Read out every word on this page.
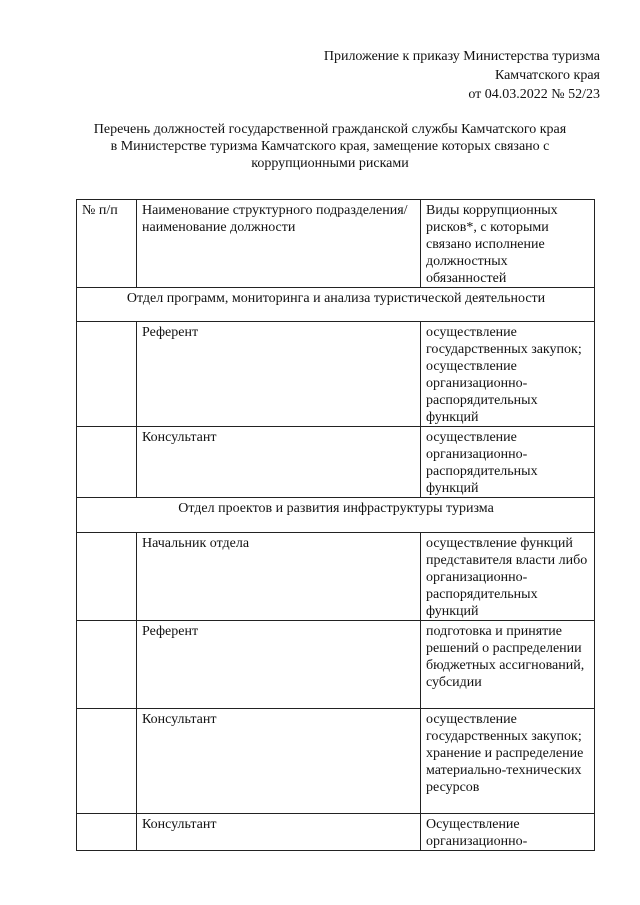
Приложение к приказу Министерства туризма
Камчатского края
от 04.03.2022 № 52/23
Перечень должностей государственной гражданской службы Камчатского края
в Министерстве туризма Камчатского края, замещение которых связано с
коррупционными рисками
№ п/п	Наименование структурного подразделения/ наименование должности	Виды коррупционных рисков*, с которыми связано исполнение должностных обязанностей
Отдел программ, мониторинга и анализа туристической деятельности		
	Референт	осуществление государственных закупок; осуществление организационно-распорядительных функций
	Консультант	осуществление организационно-распорядительных функций
Отдел проектов и развития инфраструктуры туризма		
	Начальник отдела	осуществление функций представителя власти либо организационно-распорядительных функций
	Референт	подготовка и принятие решений о распределении бюджетных ассигнований, субсидии
	Консультант	осуществление государственных закупок; хранение и распределение материально-технических ресурсов
	Консультант	Осуществление организационно-
